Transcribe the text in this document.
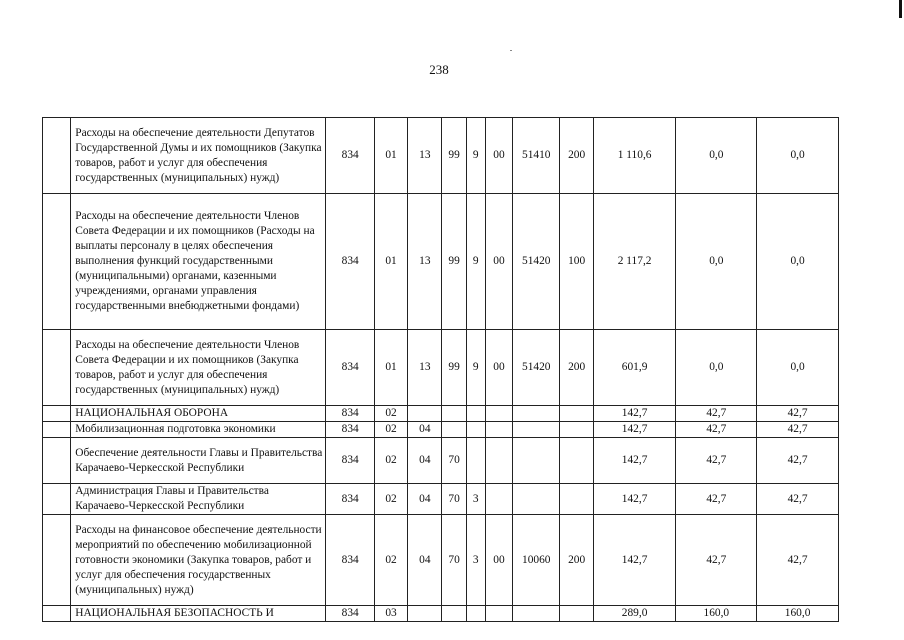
238
	Расходы на обеспечение деятельности Депутатов Государственной Думы и их помощников (Закупка товаров, работ и услуг для обеспечения государственных (муниципальных) нужд)	834	01	13	99	9	00	51410	200	1 110,6	0,0	0,0
	Расходы на обеспечение деятельности Членов Совета Федерации и их помощников (Расходы на выплаты персоналу в целях обеспечения выполнения функций государственными (муниципальными) органами, казенными учреждениями, органами управления государственными внебюджетными фондами)	834	01	13	99	9	00	51420	100	2 117,2	0,0	0,0
	Расходы на обеспечение деятельности Членов Совета Федерации и их помощников (Закупка товаров, работ и услуг для обеспечения государственных (муниципальных) нужд)	834	01	13	99	9	00	51420	200	601,9	0,0	0,0
	НАЦИОНАЛЬНАЯ ОБОРОНА	834	02							142,7	42,7	42,7
	Мобилизационная подготовка экономики	834	02	04						142,7	42,7	42,7
	Обеспечение деятельности Главы и Правительства Карачаево-Черкесской Республики	834	02	04	70					142,7	42,7	42,7
	Администрация Главы и Правительства Карачаево-Черкесской Республики	834	02	04	70	3				142,7	42,7	42,7
	Расходы на финансовое обеспечение деятельности мероприятий по обеспечению мобилизационной готовности экономики (Закупка товаров, работ и услуг для обеспечения государственных (муниципальных) нужд)	834	02	04	70	3	00	10060	200	142,7	42,7	42,7
	НАЦИОНАЛЬНАЯ БЕЗОПАСНОСТЬ И	834	03							289,0	160,0	160,0
